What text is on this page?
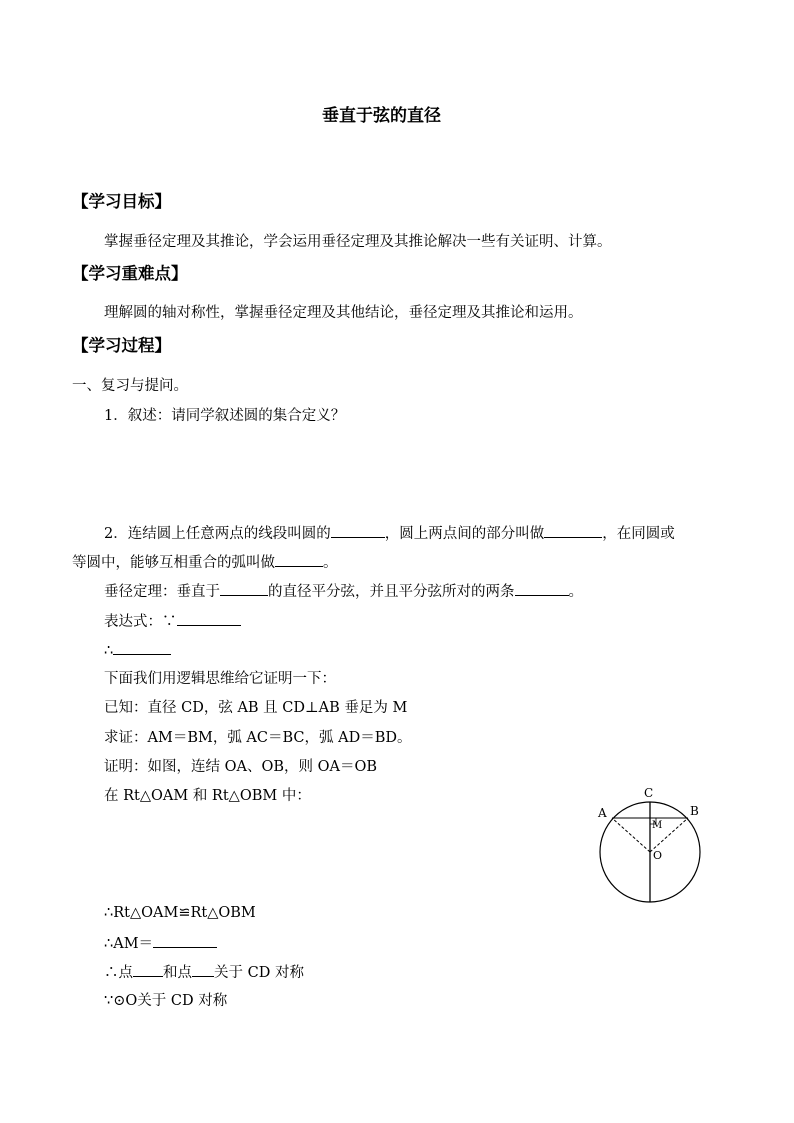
垂直于弦的直径
【学习目标】
掌握垂径定理及其推论，学会运用垂径定理及其推论解决一些有关证明、计算。
【学习重难点】
理解圆的轴对称性，掌握垂径定理及其他结论，垂径定理及其推论和运用。
【学习过程】
一、复习与提问。
1．叙述：请同学叙述圆的集合定义？
2．连结圆上任意两点的线段叫圆的	，圆上两点间的部分叫做	，在同圆或
等圆中，能够互相重合的弧叫做	。
垂径定理：垂直于	的直径平分弦，并且平分弦所对的两条	。
表达式：∵
∴
下面我们用逻辑思维给它证明一下：
已知：直径 CD，弦 AB 且 CD⊥AB 垂足为 M
求证：AM＝BM，弧 AC＝BC，弧 AD＝BD。
证明：如图，连结 OA、OB，则 OA＝OB
在 Rt△OAM 和 Rt△OBM 中：
A	B
C
M
O
∴Rt△OAM≌Rt△OBM
∴AM＝
∴点 和点 关于 CD 对称
∵⊙O关于 CD 对称
